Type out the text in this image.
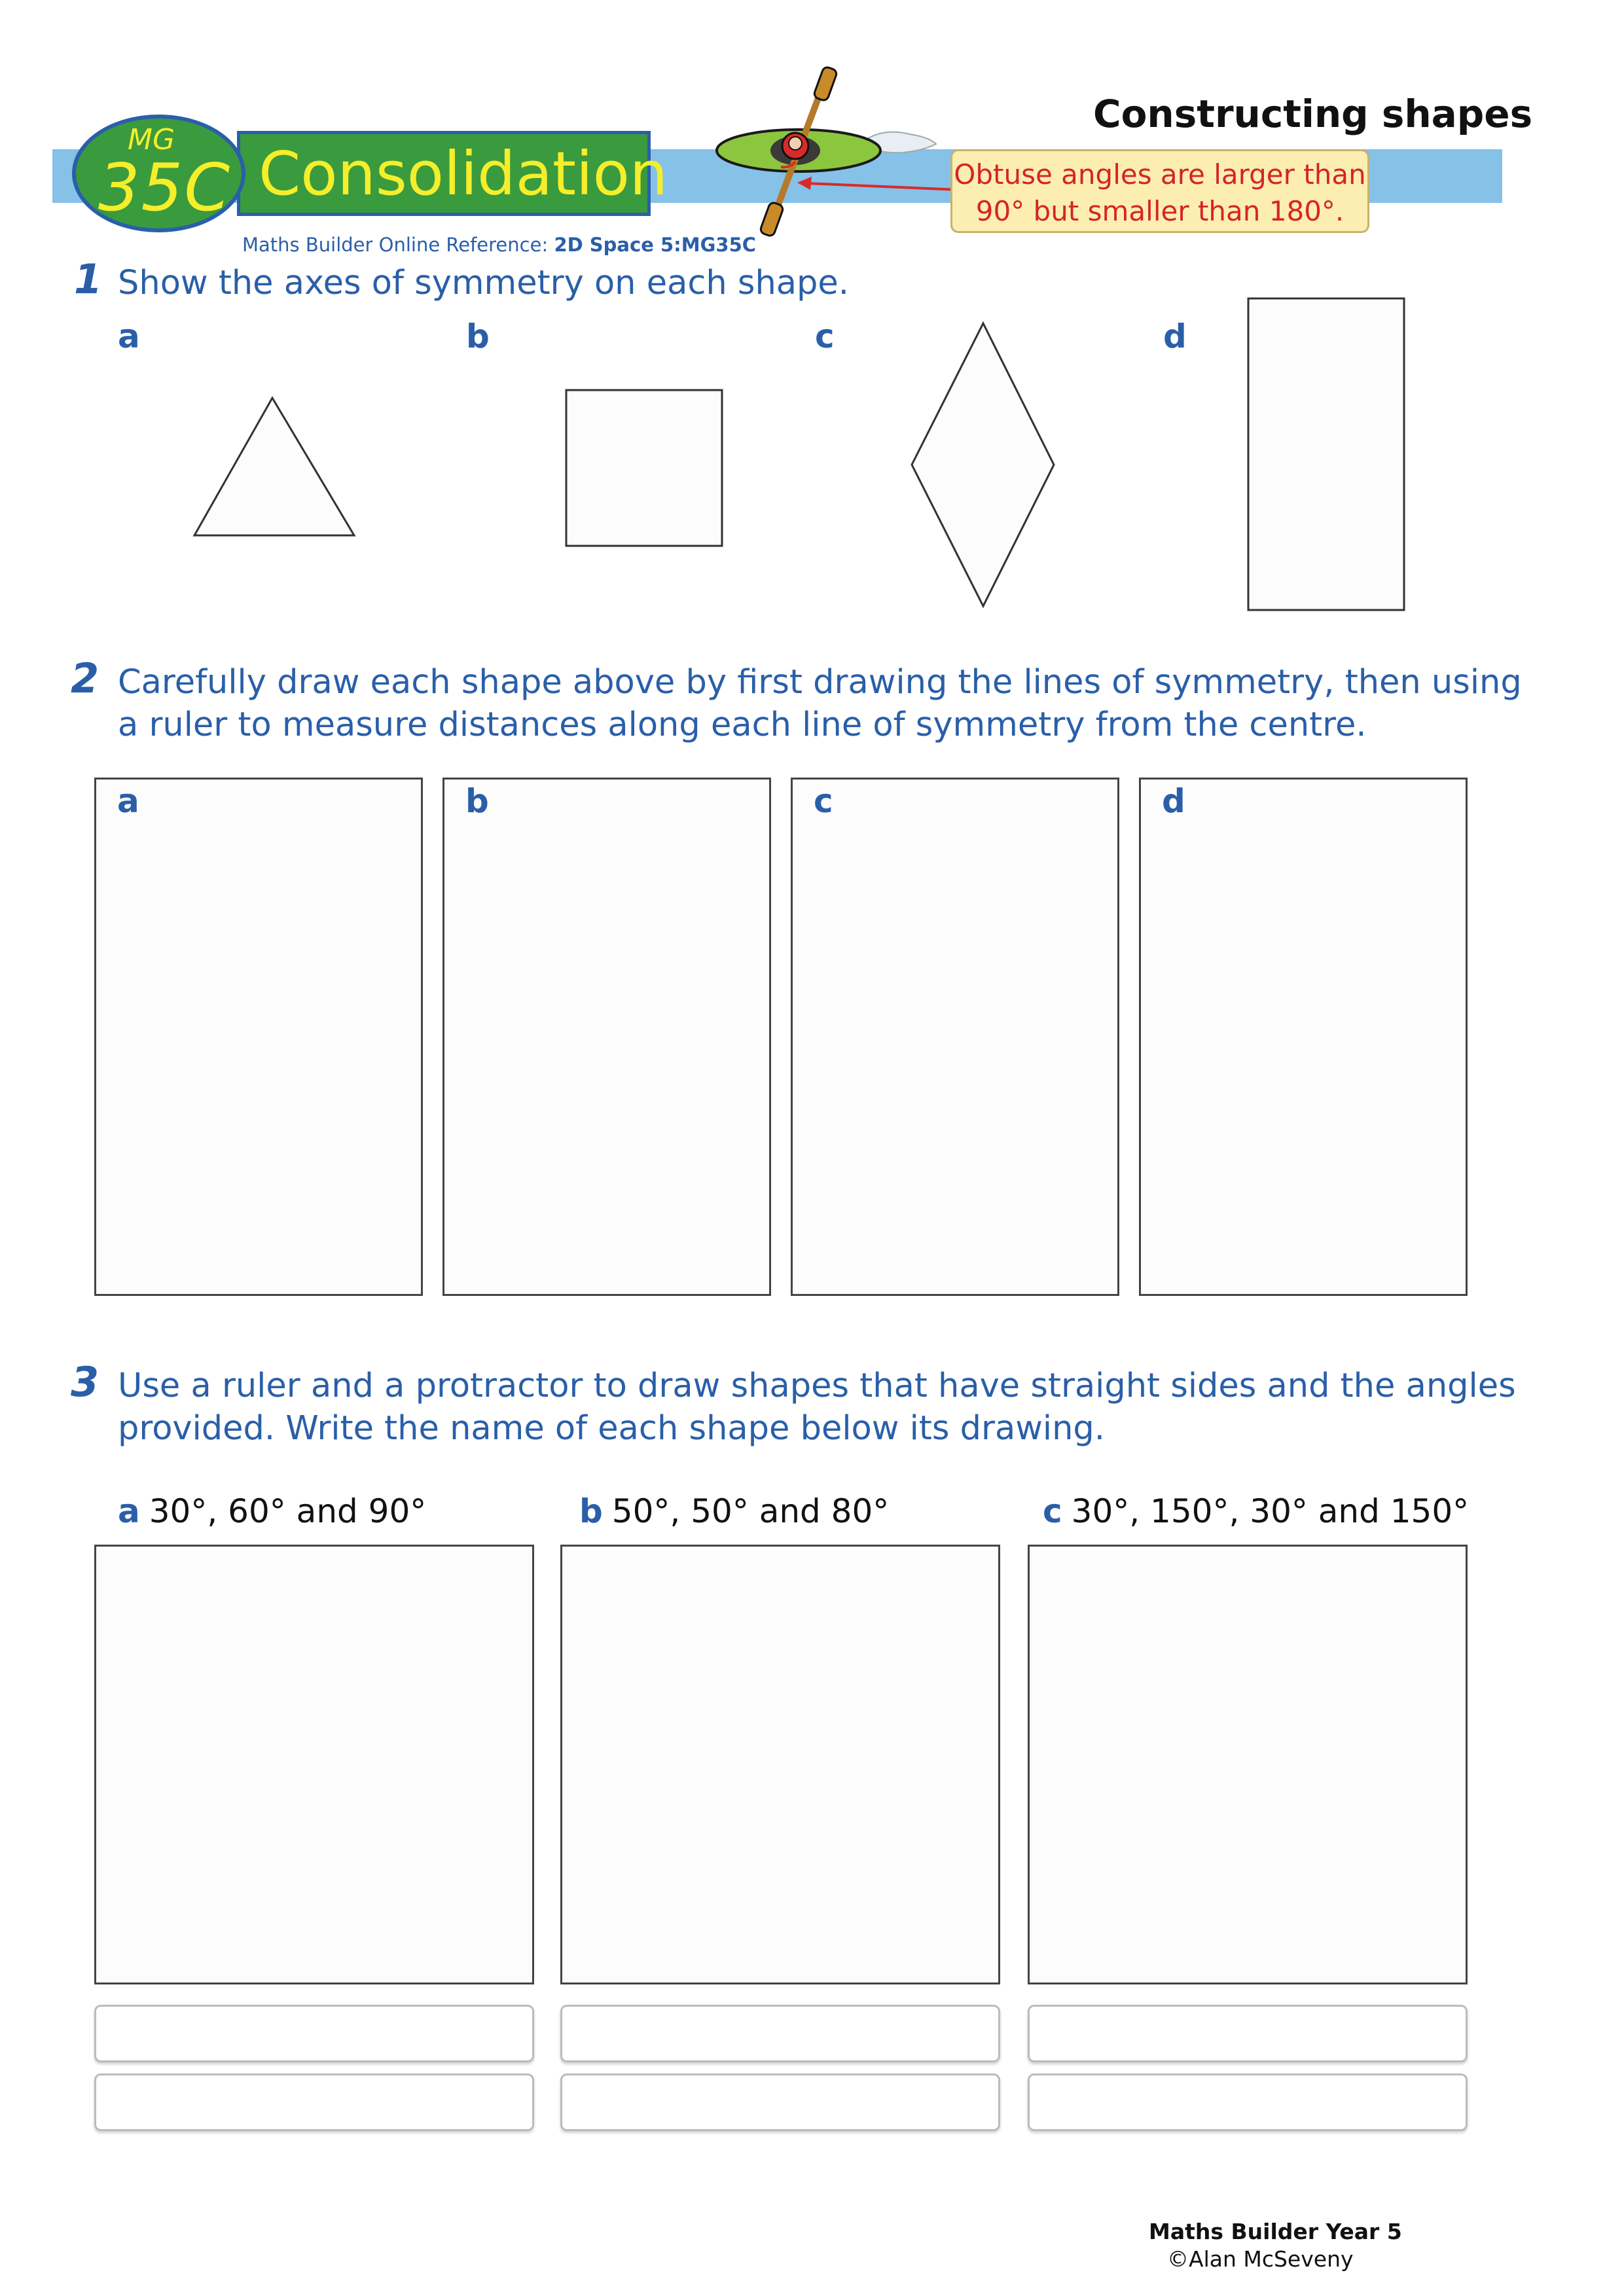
MG
35C Consolidation
Constructing shapes
Obtuse angles are larger than
90° but smaller than 180°.
Maths Builder Online Reference: 2D Space 5:MG35C
1 Show the axes of symmetry on each shape.
a	b	c	d
2 Carefully draw each shape above by first drawing the lines of symmetry, then using
a ruler to measure distances along each line of symmetry from the centre.
a	b	c	d
3 Use a ruler and a protractor to draw shapes that have straight sides and the angles
provided. Write the name of each shape below its drawing.
a 30°, 60° and 90°	b 50°, 50° and 80°	c 30°, 150°, 30° and 150°
Maths Builder Year 5
©Alan McSeveny
